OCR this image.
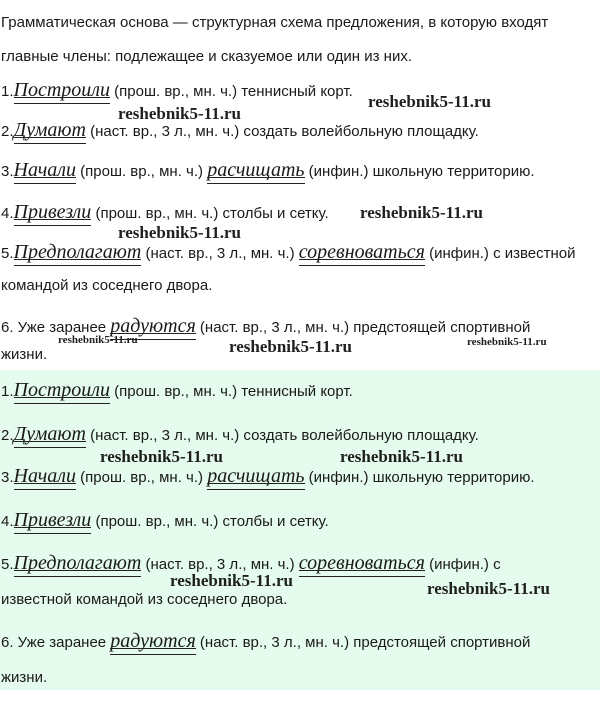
Грамматическая основа — структурная схема предложения, в которую входят главные члены: подлежащее и сказуемое или один из них.

1.Построили (прош. вр., мн. ч.) теннисный корт.
2.Думают (наст. вр., 3 л., мн. ч.) создать волейбольную площадку.
3.Начали (прош. вр., мн. ч.) расчищать (инфин.) школьную территорию.
4.Привезли (прош. вр., мн. ч.) столбы и сетку.
5.Предполагают (наст. вр., 3 л., мн. ч.) соревноваться (инфин.) с известной
командой из соседнего двора.
6. Уже заранее радуются (наст. вр., 3 л., мн. ч.) предстоящей спортивной
жизни.
1.Построили (прош. вр., мн. ч.) теннисный корт.
2.Думают (наст. вр., 3 л., мн. ч.) создать волейбольную площадку.
3.Начали (прош. вр., мн. ч.) расчищать (инфин.) школьную территорию.
4.Привезли (прош. вр., мн. ч.) столбы и сетку.
5.Предполагают (наст. вр., 3 л., мн. ч.) соревноваться (инфин.) с
известной командой из соседнего двора.
6. Уже заранее радуются (наст. вр., 3 л., мн. ч.) предстоящей спортивной
жизни.
reshebnik5-11.ru
reshebnik5-11.ru
reshebnik5-11.ru
reshebnik5-11.ru
reshebnik5-11.ru	reshebnik5-11.ru	reshebnik5-11.ru
reshebnik5-11.ru	reshebnik5-11.ru
reshebnik5-11.ru	reshebnik5-11.ru
